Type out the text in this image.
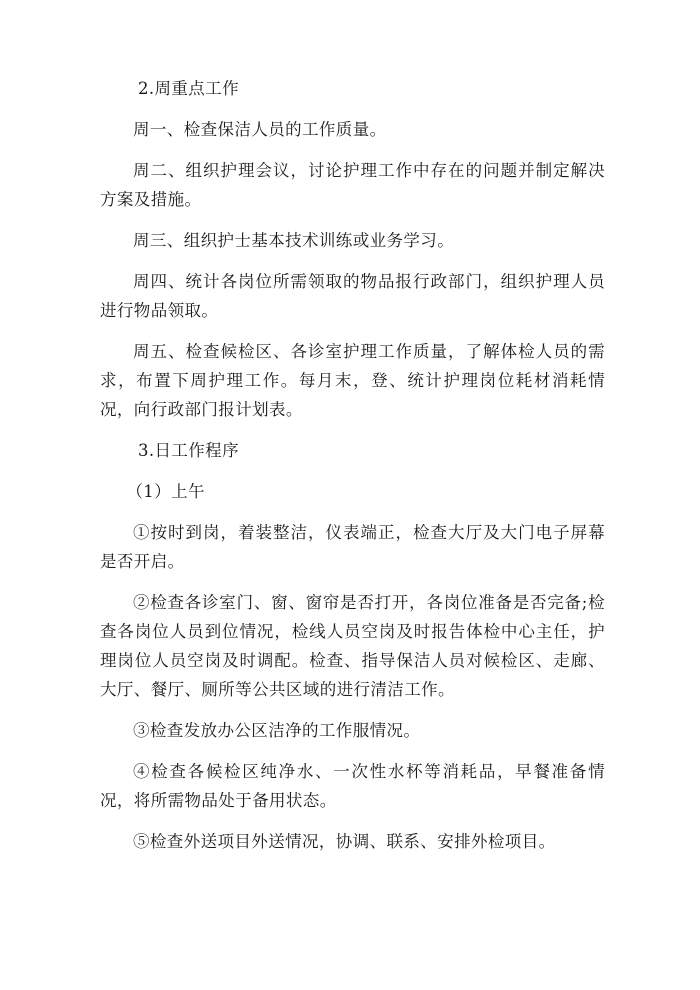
2.周重点工作

周一、检查保洁人员的工作质量。

周二、组织护理会议，讨论护理工作中存在的问题并制定解决方案及措施。

周三、组织护士基本技术训练或业务学习。

周四、统计各岗位所需领取的物品报行政部门，组织护理人员进行物品领取。

周五、检查候检区、各诊室护理工作质量，了解体检人员的需求，布置下周护理工作。每月末，登、统计护理岗位耗材消耗情况，向行政部门报计划表。

3.日工作程序

（1）上午

①按时到岗，着装整洁，仪表端正，检查大厅及大门电子屏幕是否开启。

②检查各诊室门、窗、窗帘是否打开，各岗位准备是否完备;检查各岗位人员到位情况，检线人员空岗及时报告体检中心主任，护理岗位人员空岗及时调配。检查、指导保洁人员对候检区、走廊、大厅、餐厅、厕所等公共区域的进行清洁工作。

③检查发放办公区洁净的工作服情况。

④检查各候检区纯净水、一次性水杯等消耗品，早餐准备情况，将所需物品处于备用状态。

⑤检查外送项目外送情况，协调、联系、安排外检项目。
